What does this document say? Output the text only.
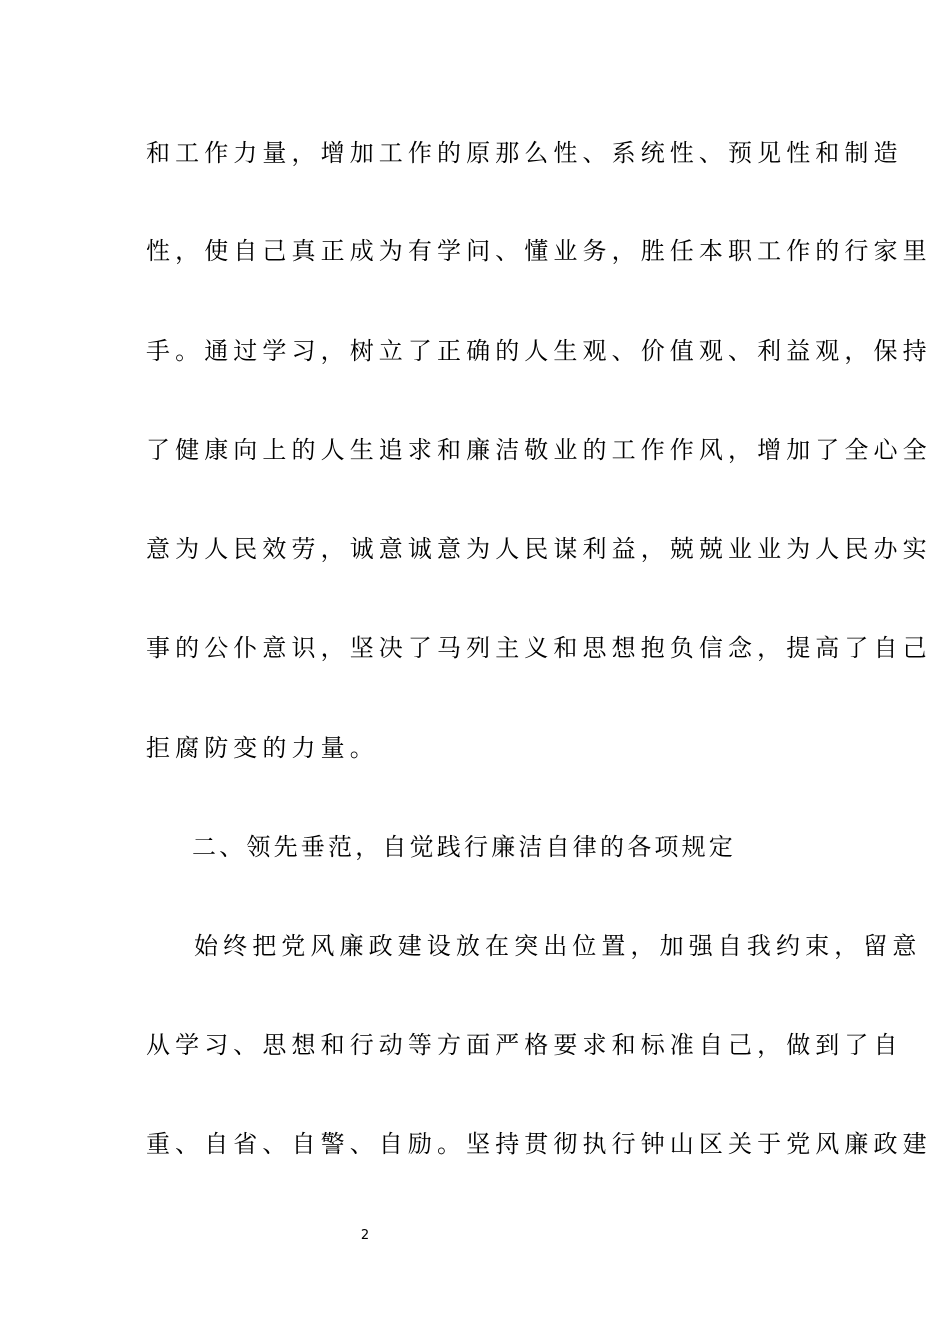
和工作力量，增加工作的原那么性、系统性、预见性和制造
性，使自己真正成为有学问、懂业务，胜任本职工作的行家里
手。通过学习，树立了正确的人生观、价值观、利益观，保持
了健康向上的人生追求和廉洁敬业的工作作风，增加了全心全
意为人民效劳，诚意诚意为人民谋利益，兢兢业业为人民办实
事的公仆意识，坚决了马列主义和思想抱负信念，提高了自己
拒腐防变的力量。
二、领先垂范，自觉践行廉洁自律的各项规定
始终把党风廉政建设放在突出位置，加强自我约束，留意
从学习、思想和行动等方面严格要求和标准自己，做到了自
重、自省、自警、自励。坚持贯彻执行钟山区关于党风廉政建
2
